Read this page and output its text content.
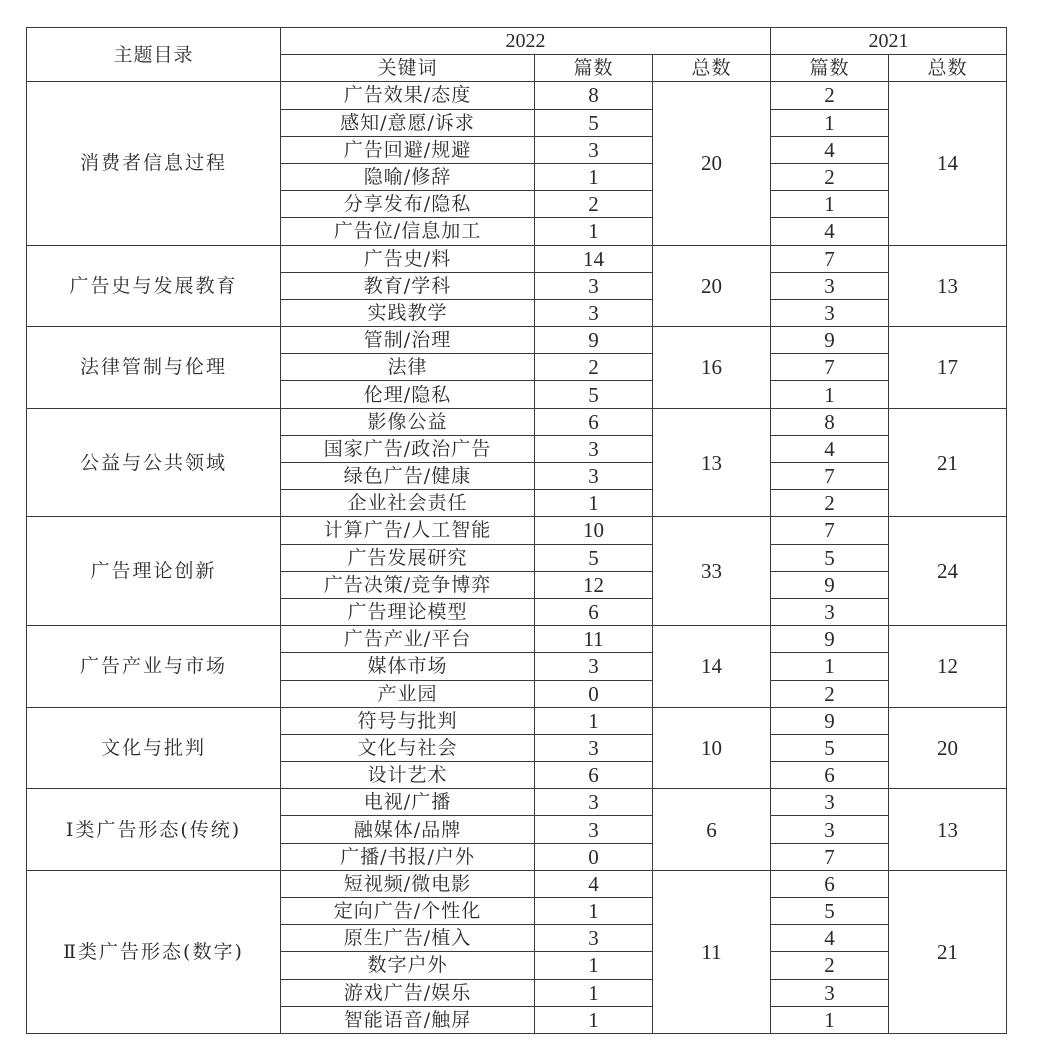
主题目录	2022			2021	
	关键词	篇数	总数	篇数	总数
消费者信息过程	广告效果/态度	8	20	2	14
	感知/意愿/诉求	5		1	
	广告回避/规避	3		4	
	隐喻/修辞	1		2	
	分享发布/隐私	2		1	
	广告位/信息加工	1		4	
广告史与发展教育	广告史/料	14	20	7	13
	教育/学科	3		3	
	实践教学	3		3	
法律管制与伦理	管制/治理	9	16	9	17
	法律	2		7	
	伦理/隐私	5		1	
公益与公共领域	影像公益	6	13	8	21
	国家广告/政治广告	3		4	
	绿色广告/健康	3		7	
	企业社会责任	1		2	
广告理论创新	计算广告/人工智能	10	33	7	24
	广告发展研究	5		5	
	广告决策/竞争博弈	12		9	
	广告理论模型	6		3	
广告产业与市场	广告产业/平台	11	14	9	12
	媒体市场	3		1	
	产业园	0		2	
文化与批判	符号与批判	1	10	9	20
	文化与社会	3		5	
	设计艺术	6		6	
Ⅰ类广告形态(传统)	电视/广播	3	6	3	13
	融媒体/品牌	3		3	
	广播/书报/户外	0		7	
Ⅱ类广告形态(数字)	短视频/微电影	4	11	6	21
	定向广告/个性化	1		5	
	原生广告/植入	3		4	
	数字户外	1		2	
	游戏广告/娱乐	1		3	
	智能语音/触屏	1		1	
